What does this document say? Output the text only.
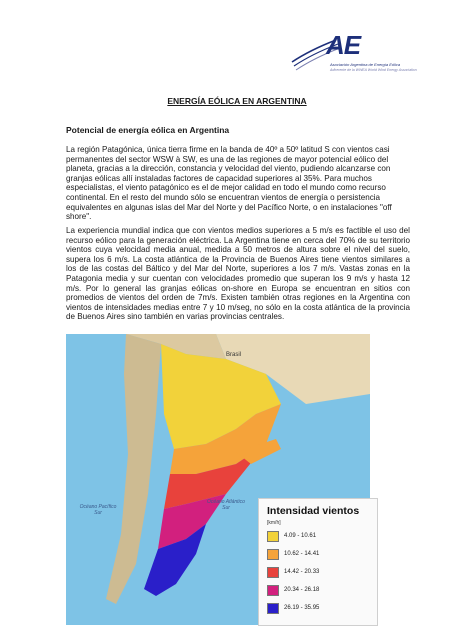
AE
Asociación Argentina de Energía Eólica
Adherente de la WWEA World Wind Energy Association
ENERGÍA EÓLICA EN ARGENTINA
Potencial de energía eólica en Argentina

La región Patagónica, única tierra firme en la banda de 40º a 50º latitud S con vientos casi permanentes del sector WSW à SW, es una de las regiones de mayor potencial eólico del planeta, gracias a la dirección, constancia y velocidad del viento, pudiendo alcanzarse con granjas eólicas allí instaladas factores de capacidad superiores al 35%. Para muchos especialistas, el viento patagónico es el de mejor calidad en todo el mundo como recurso continental. En el resto del mundo sólo se encuentran vientos de energía o persistencia equivalentes en algunas islas del Mar del Norte y del Pacífico Norte, o en instalaciones "off shore".

La experiencia mundial indica que con vientos medios superiores a 5 m/s es factible el uso del recurso eólico para la generación eléctrica. La Argentina tiene en cerca del 70% de su territorio vientos cuya velocidad media anual, medida a 50 metros de altura sobre el nivel del suelo, supera los 6 m/s. La costa atlántica de la Provincia de Buenos Aires tiene vientos similares a los de las costas del Báltico y del Mar del Norte, superiores a los 7 m/s. Vastas zonas en la Patagonia media y sur cuentan con velocidades promedio que superan los 9 m/s y hasta 12 m/s. Por lo general las granjas eólicas on-shore en Europa se encuentran en sitios con promedios de vientos del orden de 7m/s. Existen también otras regiones en la Argentina con vientos de intensidades medias entre 7 y 10 m/seg, no sólo en la costa atlántica de la provincia de Buenos Aires sino también en varias provincias centrales.

Brasil
Océano Pacífico Sur
Océano Atlántico Sur	Intensidad vientos
[km/h]
4.09 - 10.61
10.62 - 14.41
14.42 - 20.33
20.34 - 26.18
26.19 - 35.95
